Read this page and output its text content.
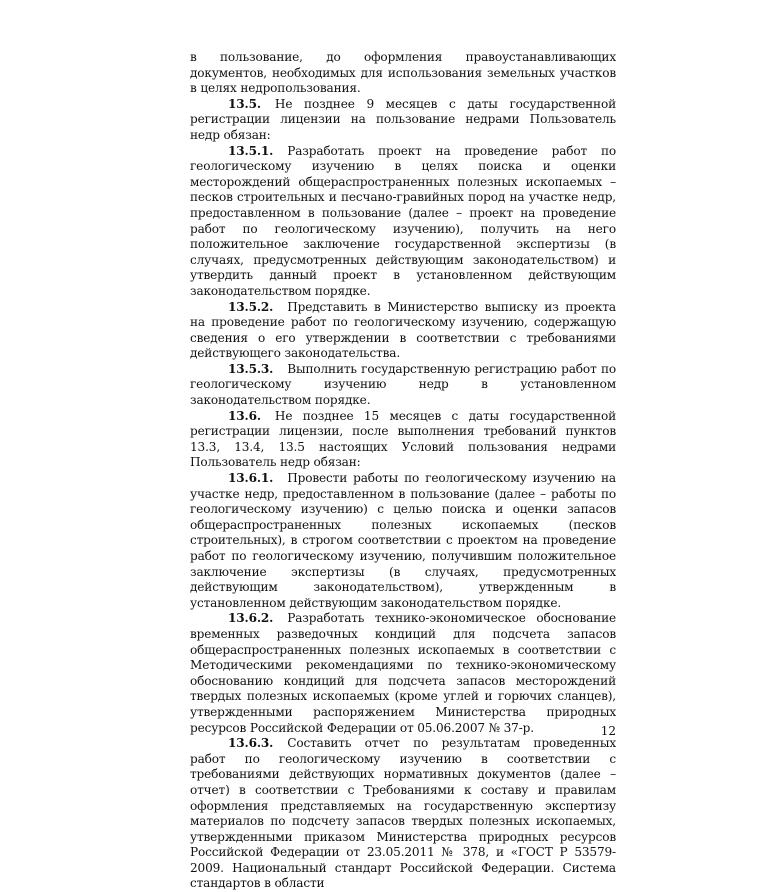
в пользование, до оформления правоустанавливающих документов, необходимых для использования земельных участков в целях недропользования.

13.5. Не позднее 9 месяцев с даты государственной регистрации лицензии на пользование недрами Пользователь недр обязан:

13.5.1. Разработать проект на проведение работ по геологическому изучению в целях поиска и оценки месторождений общераспространенных полезных ископаемых – песков строительных и песчано-гравийных пород на участке недр, предоставленном в пользование (далее – проект на проведение работ по геологическому изучению), получить на него положительное заключение государственной экспертизы (в случаях, предусмотренных действующим законодательством) и утвердить данный проект в установленном действующим законодательством порядке.

13.5.2. Представить в Министерство выписку из проекта на проведение работ по геологическому изучению, содержащую сведения о его утверждении в соответствии с требованиями действующего законодательства.

13.5.3. Выполнить государственную регистрацию работ по геологическому изучению недр в установленном законодательством порядке.

13.6. Не позднее 15 месяцев с даты государственной регистрации лицензии, после выполнения требований пунктов 13.3, 13.4, 13.5 настоящих Условий пользования недрами Пользователь недр обязан:

13.6.1. Провести работы по геологическому изучению на участке недр, предоставленном в пользование (далее – работы по геологическому изучению) с целью поиска и оценки запасов общераспространенных полезных ископаемых (песков строительных), в строгом соответствии с проектом на проведение работ по геологическому изучению, получившим положительное заключение экспертизы (в случаях, предусмотренных действующим законодательством), утвержденным в установленном действующим законодательством порядке.

13.6.2. Разработать технико-экономическое обоснование временных разведочных кондиций для подсчета запасов общераспространенных полезных ископаемых в соответствии с Методическими рекомендациями по технико-экономическому обоснованию кондиций для подсчета запасов месторождений твердых полезных ископаемых (кроме углей и горючих сланцев), утвержденными распоряжением Министерства природных ресурсов Российской Федерации от 05.06.2007 № 37-р.

13.6.3. Составить отчет по результатам проведенных работ по геологическому изучению в соответствии с требованиями действующих нормативных документов (далее – отчет) в соответствии с Требованиями к составу и правилам оформления представляемых на государственную экспертизу материалов по подсчету запасов твердых полезных ископаемых, утвержденными приказом Министерства природных ресурсов Российской Федерации от 23.05.2011 № 378, и «ГОСТ Р 53579-2009. Национальный стандарт Российской Федерации. Система стандартов в области

12
